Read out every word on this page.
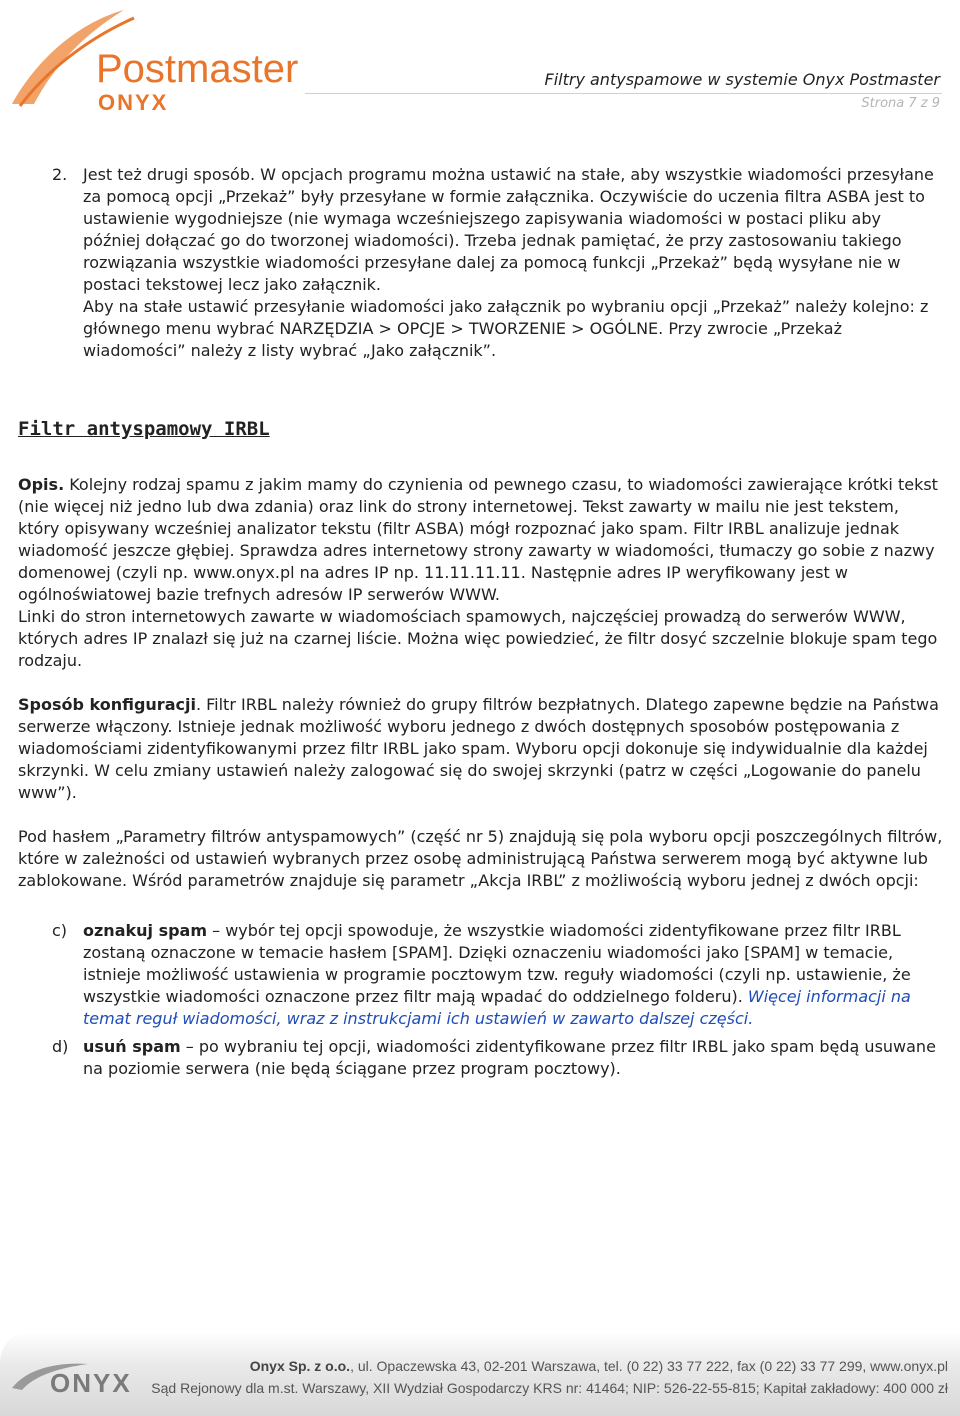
Postmaster
ONYX
Filtry antyspamowe w systemie Onyx Postmaster
Strona 7 z 9
2. Jest też drugi sposób. W opcjach programu można ustawić na stałe, aby wszystkie wiadomości przesyłane za pomocą opcji „Przekaż” były przesyłane w formie załącznika. Oczywiście do uczenia filtra ASBA jest to ustawienie wygodniejsze (nie wymaga wcześniejszego zapisywania wiadomości w postaci pliku aby później dołączać go do tworzonej wiadomości). Trzeba jednak pamiętać, że przy zastosowaniu takiego rozwiązania wszystkie wiadomości przesyłane dalej za pomocą funkcji „Przekaż” będą wysyłane nie w postaci tekstowej lecz jako załącznik.

Aby na stałe ustawić przesyłanie wiadomości jako załącznik po wybraniu opcji „Przekaż” należy kolejno: z głównego menu wybrać NARZĘDZIA > OPCJE > TWORZENIE > OGÓLNE. Przy zwrocie „Przekaż wiadomości” należy z listy wybrać „Jako załącznik”.

Filtr antyspamowy IRBL

Opis. Kolejny rodzaj spamu z jakim mamy do czynienia od pewnego czasu, to wiadomości zawierające krótki tekst (nie więcej niż jedno lub dwa zdania) oraz link do strony internetowej. Tekst zawarty w mailu nie jest tekstem, który opisywany wcześniej analizator tekstu (filtr ASBA) mógł rozpoznać jako spam. Filtr IRBL analizuje jednak wiadomość jeszcze głębiej. Sprawdza adres internetowy strony zawarty w wiadomości, tłumaczy go sobie z nazwy domenowej (czyli np. www.onyx.pl na adres IP np. 11.11.11.11. Następnie adres IP weryfikowany jest w ogólnoświatowej bazie trefnych adresów IP serwerów WWW.

Linki do stron internetowych zawarte w wiadomościach spamowych, najczęściej prowadzą do serwerów WWW, których adres IP znalazł się już na czarnej liście. Można więc powiedzieć, że filtr dosyć szczelnie blokuje spam tego rodzaju.

Sposób konfiguracji. Filtr IRBL należy również do grupy filtrów bezpłatnych. Dlatego zapewne będzie na Państwa serwerze włączony. Istnieje jednak możliwość wyboru jednego z dwóch dostępnych sposobów postępowania z wiadomościami zidentyfikowanymi przez filtr IRBL jako spam. Wyboru opcji dokonuje się indywidualnie dla każdej skrzynki. W celu zmiany ustawień należy zalogować się do swojej skrzynki (patrz w części „Logowanie do panelu www”).

Pod hasłem „Parametry filtrów antyspamowych” (część nr 5) znajdują się pola wyboru opcji poszczególnych filtrów, które w zależności od ustawień wybranych przez osobę administrującą Państwa serwerem mogą być aktywne lub zablokowane. Wśród parametrów znajduje się parametr „Akcja IRBL” z możliwością wyboru jednej z dwóch opcji:

c) oznakuj spam – wybór tej opcji spowoduje, że wszystkie wiadomości zidentyfikowane przez filtr IRBL zostaną oznaczone w temacie hasłem [SPAM]. Dzięki oznaczeniu wiadomości jako [SPAM] w temacie, istnieje możliwość ustawienia w programie pocztowym tzw. reguły wiadomości (czyli np. ustawienie, że wszystkie wiadomości oznaczone przez filtr mają wpadać do oddzielnego folderu). Więcej informacji na temat reguł wiadomości, wraz z instrukcjami ich ustawień w zawarto dalszej części.
d) usuń spam – po wybraniu tej opcji, wiadomości zidentyfikowane przez filtr IRBL jako spam będą usuwane na poziomie serwera (nie będą ściągane przez program pocztowy).
ONYX
Onyx Sp. z o.o., ul. Opaczewska 43, 02-201 Warszawa, tel. (0 22) 33 77 222, fax (0 22) 33 77 299, www.onyx.pl
Sąd Rejonowy dla m.st. Warszawy, XII Wydział Gospodarczy KRS nr: 41464; NIP: 526-22-55-815; Kapitał zakładowy: 400 000 zł
